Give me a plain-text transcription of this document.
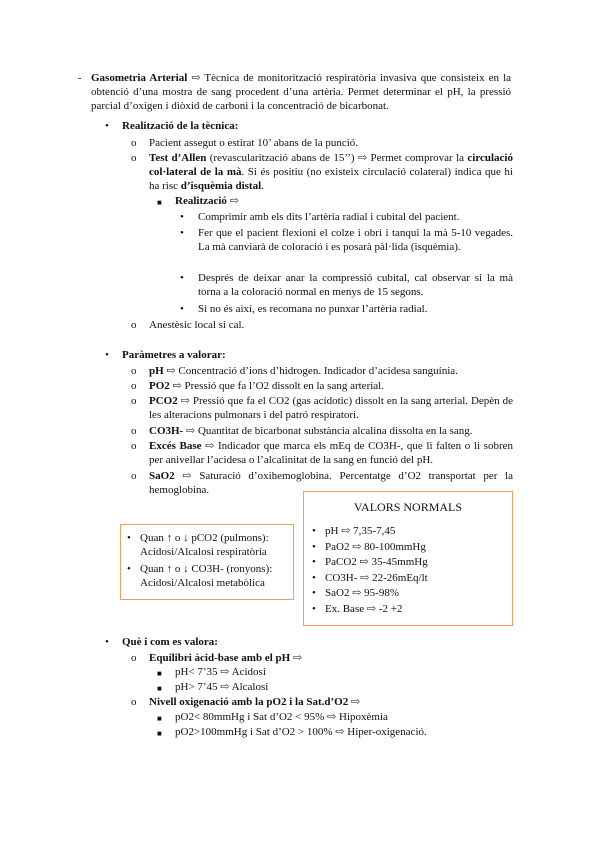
- Gasometria Arterial ⇨ Tècnica de monitorització respiratòria invasiva que consisteix en la obtenció d’una mostra de sang procedent d’una artèria. Permet determinar el pH, la pressió parcial d’oxigen i diòxid de carboni i la concentració de bicarbonat.
• Realització de la tècnica:
o Pacient assegut o estirat 10’ abans de la punció.
o Test d’Allen (revascularització abans de 15’’) ⇨ Permet comprovar la circulació col·lateral de la mà. Si és positiu (no existeix circulació colateral) indica que hi ha risc d’isquèmia distal.
■ Realització ⇨
• Comprimir amb els dits l’artèria radial i cubital del pacient.
• Fer que el pacient flexioni el colze i obri i tanqui la mà 5-10 vegades. La mà canviarà de coloració i es posarà pàl·lida (isquèmia).
• Després de deixar anar la compressió cubital, cal observar si la mà torna a la coloració normal en menys de 15 segons.
• Si no és així, es recomana no punxar l’artèria radial.
o Anestèsic local si cal.
• Paràmetres a valorar:
o pH ⇨ Concentració d’ions d’hidrogen. Indicador d’acidesa sanguínia.
o PO2 ⇨ Pressió que fa l’O2 dissolt en la sang arterial.
o PCO2 ⇨ Pressió que fa el CO2 (gas acídotic) dissolt en la sang arterial. Depèn de les alteracions pulmonars i del patró respiratori.
o CO3H- ⇨ Quantitat de bicarbonat substància alcalina dissolta en la sang.
o Excés Base ⇨ Indicador que marca els mEq de CO3H-, que li falten o li sobren per anivellar l’acidesa o l’alcalinitat de la sang en funció del pH.
o SaO2 ⇨ Saturació d’oxihemoglobina. Percentatge d’O2 transportat per la hemoglobina.
• Quan ↑ o ↓ pCO2 (pulmons): Acidosi/Alcalosi respiratòria
• Quan ↑ o ↓ CO3H- (ronyons): Acidosi/Alcalosi metabòlica
VALORS NORMALS
• pH ⇨ 7,35-7,45
• PaO2 ⇨ 80-100mmHg
• PaCO2 ⇨ 35-45mmHg
• CO3H- ⇨ 22-26mEq/lt
• SaO2 ⇨ 95-98%
• Ex. Base ⇨ -2 +2
• Què i com es valora:
o Equilibri àcid-base amb el pH ⇨
■ pH< 7’35 ⇨ Acidosi
■ pH> 7’45 ⇨ Alcalosi
o Nivell oxigenació amb la pO2 i la Sat.d’O2 ⇨
■ pO2< 80mmHg i Sat d’O2 < 95% ⇨ Hipoxèmia
■ pO2>100mmHg i Sat d’O2 > 100% ⇨ Hiper-oxigenació.
